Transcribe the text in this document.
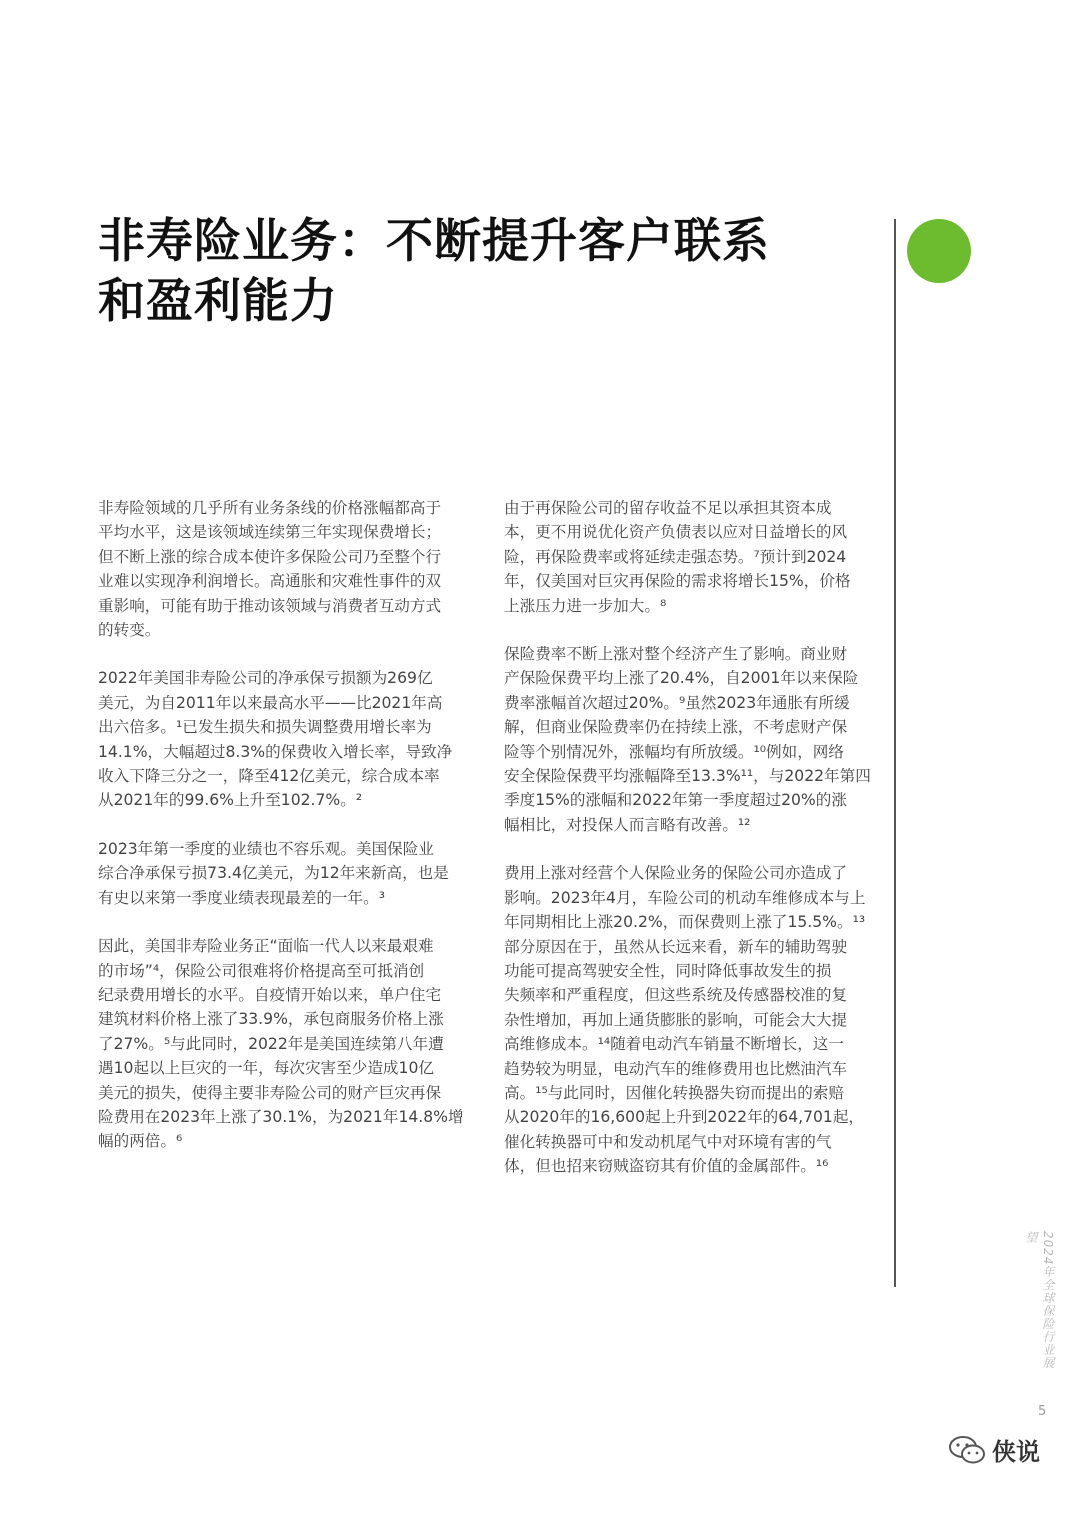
非寿险业务：不断提升客户联系
和盈利能力

非寿险领域的几乎所有业务条线的价格涨幅都高于
平均水平，这是该领域连续第三年实现保费增长；
但不断上涨的综合成本使许多保险公司乃至整个行
业难以实现净利润增长。高通胀和灾难性事件的双
重影响，可能有助于推动该领域与消费者互动方式
的转变。

2022年美国非寿险公司的净承保亏损额为269亿
美元，为自2011年以来最高水平——比2021年高
出六倍多。¹已发生损失和损失调整费用增长率为
14.1%，大幅超过8.3%的保费收入增长率，导致净
收入下降三分之一，降至412亿美元，综合成本率
从2021年的99.6%上升至102.7%。²

2023年第一季度的业绩也不容乐观。美国保险业
综合净承保亏损73.4亿美元，为12年来新高，也是
有史以来第一季度业绩表现最差的一年。³

因此，美国非寿险业务正“面临一代人以来最艰难
的市场”⁴，保险公司很难将价格提高至可抵消创
纪录费用增长的水平。自疫情开始以来，单户住宅
建筑材料价格上涨了33.9%，承包商服务价格上涨
了27%。⁵与此同时，2022年是美国连续第八年遭
遇10起以上巨灾的一年，每次灾害至少造成10亿
美元的损失，使得主要非寿险公司的财产巨灾再保
险费用在2023年上涨了30.1%，为2021年14.8%增
幅的两倍。⁶

由于再保险公司的留存收益不足以承担其资本成
本，更不用说优化资产负债表以应对日益增长的风
险，再保险费率或将延续走强态势。⁷预计到2024
年，仅美国对巨灾再保险的需求将增长15%，价格
上涨压力进一步加大。⁸

保险费率不断上涨对整个经济产生了影响。商业财
产保险保费平均上涨了20.4%，自2001年以来保险
费率涨幅首次超过20%。⁹虽然2023年通胀有所缓
解，但商业保险费率仍在持续上涨，不考虑财产保
险等个别情况外，涨幅均有所放缓。¹⁰例如，网络
安全保险保费平均涨幅降至13.3%¹¹，与2022年第四
季度15%的涨幅和2022年第一季度超过20%的涨
幅相比，对投保人而言略有改善。¹²

费用上涨对经营个人保险业务的保险公司亦造成了
影响。2023年4月，车险公司的机动车维修成本与上
年同期相比上涨20.2%，而保费则上涨了15.5%。¹³
部分原因在于，虽然从长远来看，新车的辅助驾驶
功能可提高驾驶安全性，同时降低事故发生的损
失频率和严重程度，但这些系统及传感器校准的复
杂性增加，再加上通货膨胀的影响，可能会大大提
高维修成本。¹⁴随着电动汽车销量不断增长，这一
趋势较为明显，电动汽车的维修费用也比燃油汽车
高。¹⁵与此同时，因催化转换器失窃而提出的索赔
从2020年的16,600起上升到2022年的64,701起，
催化转换器可中和发动机尾气中对环境有害的气
体，但也招来窃贼盗窃其有价值的金属部件。¹⁶

2024年全球保险行业展望
5
侠说
